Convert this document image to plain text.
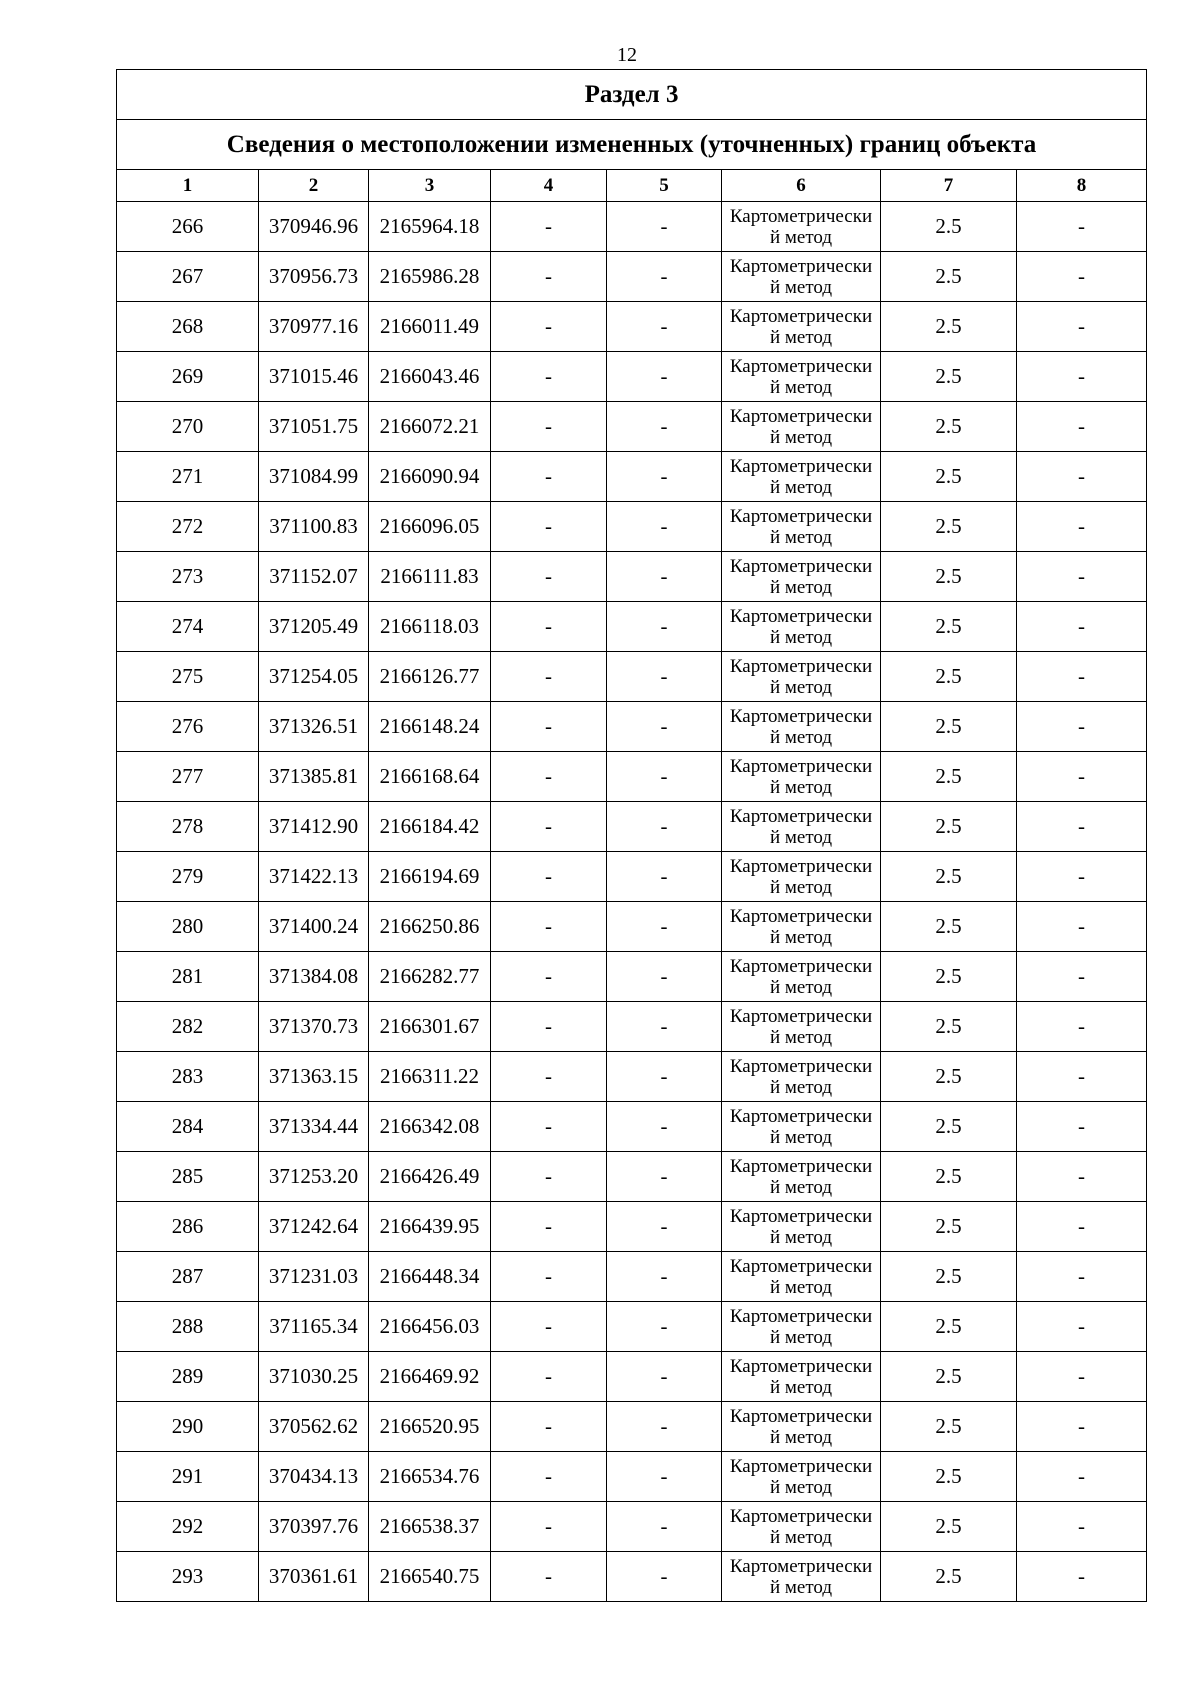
12
Раздел 3							
Сведения о местоположении измененных (уточненных) границ объекта							
1	2	3	4	5	6	7	8
266	370946.96	2165964.18	-	-	Картометрический метод	2.5	-
267	370956.73	2165986.28	-	-	Картометрический метод	2.5	-
268	370977.16	2166011.49	-	-	Картометрический метод	2.5	-
269	371015.46	2166043.46	-	-	Картометрический метод	2.5	-
270	371051.75	2166072.21	-	-	Картометрический метод	2.5	-
271	371084.99	2166090.94	-	-	Картометрический метод	2.5	-
272	371100.83	2166096.05	-	-	Картометрический метод	2.5	-
273	371152.07	2166111.83	-	-	Картометрический метод	2.5	-
274	371205.49	2166118.03	-	-	Картометрический метод	2.5	-
275	371254.05	2166126.77	-	-	Картометрический метод	2.5	-
276	371326.51	2166148.24	-	-	Картометрический метод	2.5	-
277	371385.81	2166168.64	-	-	Картометрический метод	2.5	-
278	371412.90	2166184.42	-	-	Картометрический метод	2.5	-
279	371422.13	2166194.69	-	-	Картометрический метод	2.5	-
280	371400.24	2166250.86	-	-	Картометрический метод	2.5	-
281	371384.08	2166282.77	-	-	Картометрический метод	2.5	-
282	371370.73	2166301.67	-	-	Картометрический метод	2.5	-
283	371363.15	2166311.22	-	-	Картометрический метод	2.5	-
284	371334.44	2166342.08	-	-	Картометрический метод	2.5	-
285	371253.20	2166426.49	-	-	Картометрический метод	2.5	-
286	371242.64	2166439.95	-	-	Картометрический метод	2.5	-
287	371231.03	2166448.34	-	-	Картометрический метод	2.5	-
288	371165.34	2166456.03	-	-	Картометрический метод	2.5	-
289	371030.25	2166469.92	-	-	Картометрический метод	2.5	-
290	370562.62	2166520.95	-	-	Картометрический метод	2.5	-
291	370434.13	2166534.76	-	-	Картометрический метод	2.5	-
292	370397.76	2166538.37	-	-	Картометрический метод	2.5	-
293	370361.61	2166540.75	-	-	Картометрический метод	2.5	-
